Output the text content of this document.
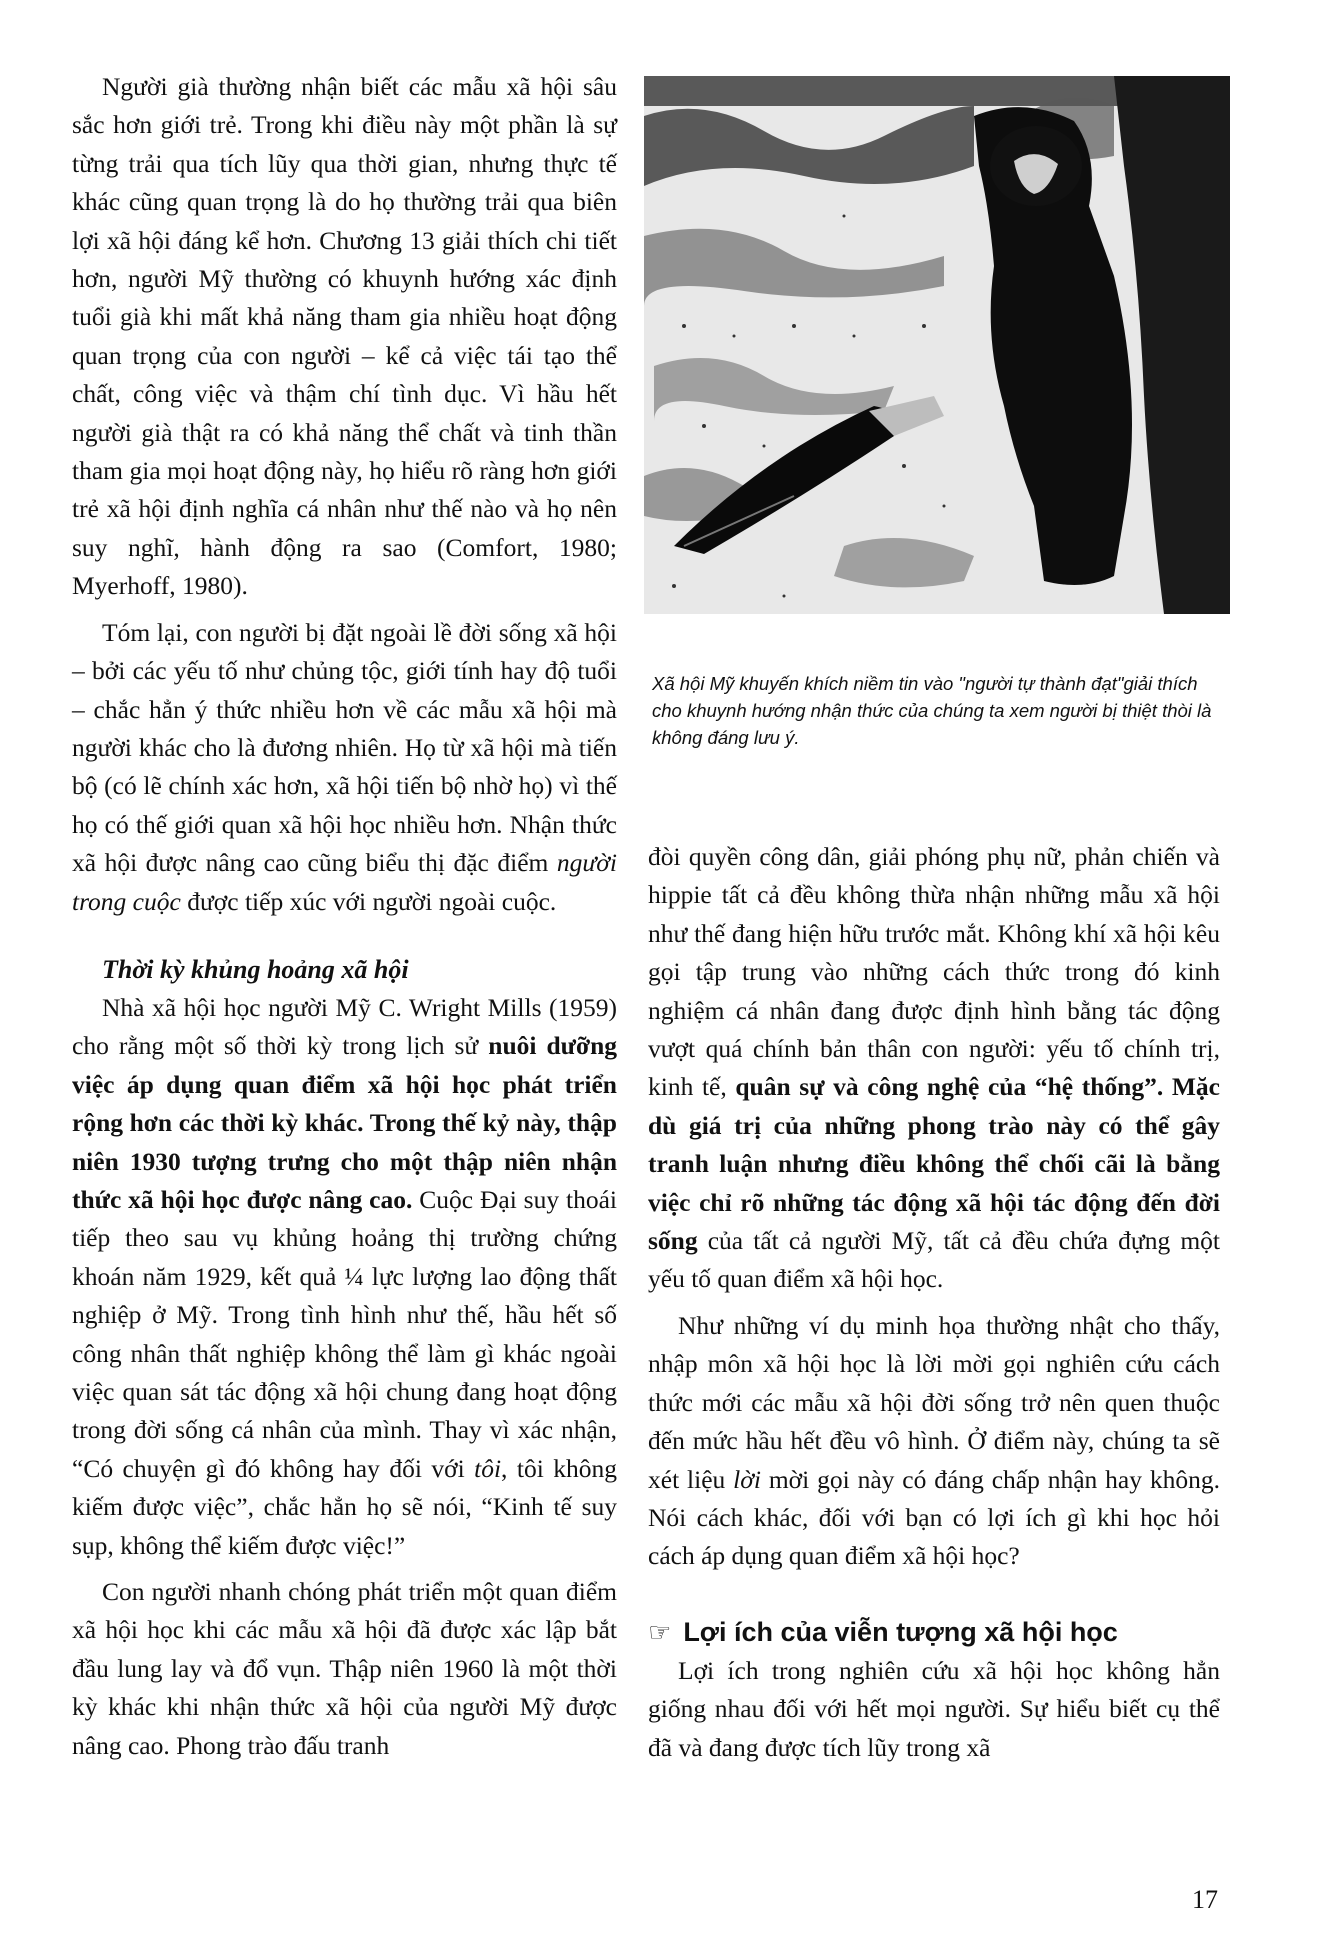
Người già thường nhận biết các mẫu xã hội sâu sắc hơn giới trẻ. Trong khi điều này một phần là sự từng trải qua tích lũy qua thời gian, nhưng thực tế khác cũng quan trọng là do họ thường trải qua biên lợi xã hội đáng kể hơn. Chương 13 giải thích chi tiết hơn, người Mỹ thường có khuynh hướng xác định tuổi già khi mất khả năng tham gia nhiều hoạt động quan trọng của con người – kể cả việc tái tạo thể chất, công việc và thậm chí tình dục. Vì hầu hết người già thật ra có khả năng thể chất và tinh thần tham gia mọi hoạt động này, họ hiểu rõ ràng hơn giới trẻ xã hội định nghĩa cá nhân như thế nào và họ nên suy nghĩ, hành động ra sao (Comfort, 1980; Myerhoff, 1980).

Tóm lại, con người bị đặt ngoài lề đời sống xã hội – bởi các yếu tố như chủng tộc, giới tính hay độ tuổi – chắc hẳn ý thức nhiều hơn về các mẫu xã hội mà người khác cho là đương nhiên. Họ từ xã hội mà tiến bộ (có lẽ chính xác hơn, xã hội tiến bộ nhờ họ) vì thế họ có thế giới quan xã hội học nhiều hơn. Nhận thức xã hội được nâng cao cũng biểu thị đặc điểm người trong cuộc được tiếp xúc với người ngoài cuộc.

Thời kỳ khủng hoảng xã hội

Nhà xã hội học người Mỹ C. Wright Mills (1959) cho rằng một số thời kỳ trong lịch sử nuôi dưỡng việc áp dụng quan điểm xã hội học phát triển rộng hơn các thời kỳ khác. Trong thế kỷ này, thập niên 1930 tượng trưng cho một thập niên nhận thức xã hội học được nâng cao. Cuộc Đại suy thoái tiếp theo sau vụ khủng hoảng thị trường chứng khoán năm 1929, kết quả ¼ lực lượng lao động thất nghiệp ở Mỹ. Trong tình hình như thế, hầu hết số công nhân thất nghiệp không thể làm gì khác ngoài việc quan sát tác động xã hội chung đang hoạt động trong đời sống cá nhân của mình. Thay vì xác nhận, “Có chuyện gì đó không hay đối với tôi, tôi không kiếm được việc”, chắc hẳn họ sẽ nói, “Kinh tế suy sụp, không thể kiếm được việc!”

Con người nhanh chóng phát triển một quan điểm xã hội học khi các mẫu xã hội đã được xác lập bắt đầu lung lay và đổ vụn. Thập niên 1960 là một thời kỳ khác khi nhận thức xã hội của người Mỹ được nâng cao. Phong trào đấu tranh

Xã hội Mỹ khuyến khích niềm tin vào "người tự thành đạt"giải thích cho khuynh hướng nhận thức của chúng ta xem người bị thiệt thòi là không đáng lưu ý.

đòi quyền công dân, giải phóng phụ nữ, phản chiến và hippie tất cả đều không thừa nhận những mẫu xã hội như thế đang hiện hữu trước mắt. Không khí xã hội kêu gọi tập trung vào những cách thức trong đó kinh nghiệm cá nhân đang được định hình bằng tác động vượt quá chính bản thân con người: yếu tố chính trị, kinh tế, quân sự và công nghệ của “hệ thống”. Mặc dù giá trị của những phong trào này có thể gây tranh luận nhưng điều không thể chối cãi là bằng việc chỉ rõ những tác động xã hội tác động đến đời sống của tất cả người Mỹ, tất cả đều chứa đựng một yếu tố quan điểm xã hội học.

Như những ví dụ minh họa thường nhật cho thấy, nhập môn xã hội học là lời mời gọi nghiên cứu cách thức mới các mẫu xã hội đời sống trở nên quen thuộc đến mức hầu hết đều vô hình. Ở điểm này, chúng ta sẽ xét liệu lời mời gọi này có đáng chấp nhận hay không. Nói cách khác, đối với bạn có lợi ích gì khi học hỏi cách áp dụng quan điểm xã hội học?

☞ Lợi ích của viễn tượng xã hội học

Lợi ích trong nghiên cứu xã hội học không hẳn giống nhau đối với hết mọi người. Sự hiểu biết cụ thể đã và đang được tích lũy trong xã

17
